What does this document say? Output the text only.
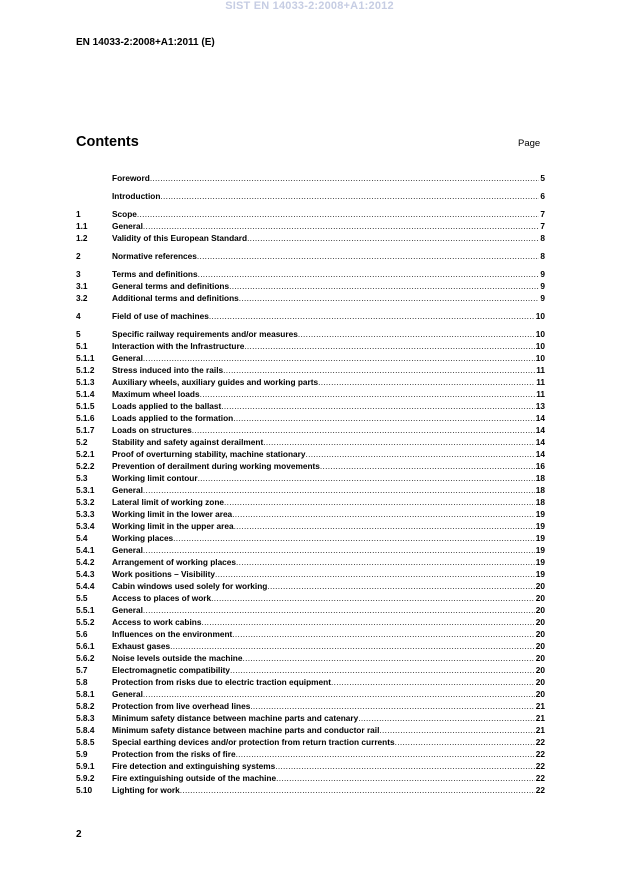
SIST EN 14033-2:2008+A1:2012
EN 14033-2:2008+A1:2011 (E)
Contents	Page
Foreword .....	5
Introduction .....	6
1	Scope .....	7
1.1	General .....	7
1.2	Validity of this European Standard .....	8
2	Normative references .....	8
3	Terms and definitions .....	9
3.1	General terms and definitions .....	9
3.2	Additional terms and definitions .....	9
4	Field of use of machines .....	10
5	Specific railway requirements and/or measures .....	10
5.1	Interaction with the Infrastructure .....	10
5.1.1	General .....	10
5.1.2	Stress induced into the rails .....	11
5.1.3	Auxiliary wheels, auxiliary guides and working parts .....	11
5.1.4	Maximum wheel loads .....	11
5.1.5	Loads applied to the ballast .....	13
5.1.6	Loads applied to the formation .....	14
5.1.7	Loads on structures .....	14
5.2	Stability and safety against derailment .....	14
5.2.1	Proof of overturning stability, machine stationary .....	14
5.2.2	Prevention of derailment during working movements .....	16
5.3	Working limit contour .....	18
5.3.1	General .....	18
5.3.2	Lateral limit of working zone .....	18
5.3.3	Working limit in the lower area .....	19
5.3.4	Working limit in the upper area .....	19
5.4	Working places .....	19
5.4.1	General .....	19
5.4.2	Arrangement of working places .....	19
5.4.3	Work positions – Visibility .....	19
5.4.4	Cabin windows used solely for working .....	20
5.5	Access to places of work .....	20
5.5.1	General .....	20
5.5.2	Access to work cabins .....	20
5.6	Influences on the environment .....	20
5.6.1	Exhaust gases .....	20
5.6.2	Noise levels outside the machine .....	20
5.7	Electromagnetic compatibility .....	20
5.8	Protection from risks due to electric traction equipment .....	20
5.8.1	General .....	20
5.8.2	Protection from live overhead lines .....	21
5.8.3	Minimum safety distance between machine parts and catenary .....	21
5.8.4	Minimum safety distance between machine parts and conductor rail .....	21
5.8.5	Special earthing devices and/or protection from return traction currents .....	22
5.9	Protection from the risks of fire .....	22
5.9.1	Fire detection and extinguishing systems .....	22
5.9.2	Fire extinguishing outside of the machine .....	22
5.10	Lighting for work .....	22
2
